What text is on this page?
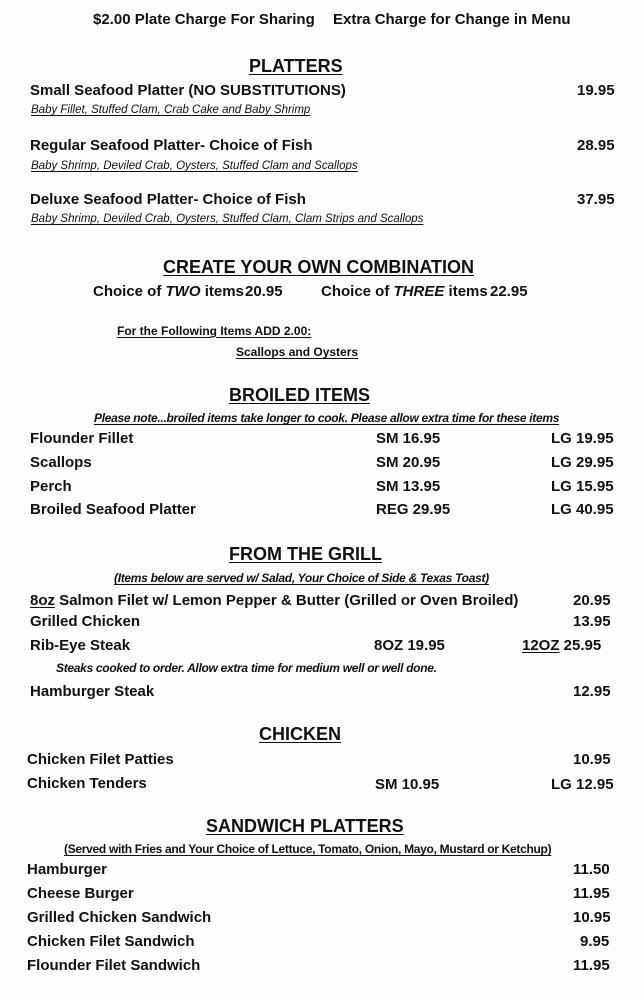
$2.00 Plate Charge For Sharing Extra Charge for Change in Menu
PLATTERS
Small Seafood Platter (NO SUBSTITUTIONS)
Baby Fillet, Stuffed Clam, Crab Cake and Baby Shrimp
19.95
Regular Seafood Platter- Choice of Fish
Baby Shrimp, Deviled Crab, Oysters, Stuffed Clam and Scallops
28.95
Deluxe Seafood Platter- Choice of Fish
Baby Shrimp, Deviled Crab, Oysters, Stuffed Clam, Clam Strips and Scallops
37.95
CREATE YOUR OWN COMBINATION
Choice of TWO items 20.95	Choice of THREE items 22.95
For the Following Items ADD 2.00:
Scallops and Oysters
BROILED ITEMS
Please note...broiled items take longer to cook. Please allow extra time for these items
Flounder Fillet	SM 16.95	LG 19.95
Scallops	SM 20.95	LG 29.95
Perch	SM 13.95	LG 15.95
Broiled Seafood Platter	REG 29.95	LG 40.95
FROM THE GRILL
(Items below are served w/ Salad, Your Choice of Side & Texas Toast)
8oz Salmon Filet w/ Lemon Pepper & Butter (Grilled or Oven Broiled)	20.95
Grilled Chicken	13.95
Rib-Eye Steak	8OZ 19.95	12OZ 25.95
Steaks cooked to order. Allow extra time for medium well or well done.
Hamburger Steak	12.95
CHICKEN
Chicken Filet Patties	10.95
Chicken Tenders	SM 10.95	LG 12.95
SANDWICH PLATTERS
(Served with Fries and Your Choice of Lettuce, Tomato, Onion, Mayo, Mustard or Ketchup)
Hamburger	11.50
Cheese Burger	11.95
Grilled Chicken Sandwich	10.95
Chicken Filet Sandwich	9.95
Flounder Filet Sandwich	11.95
